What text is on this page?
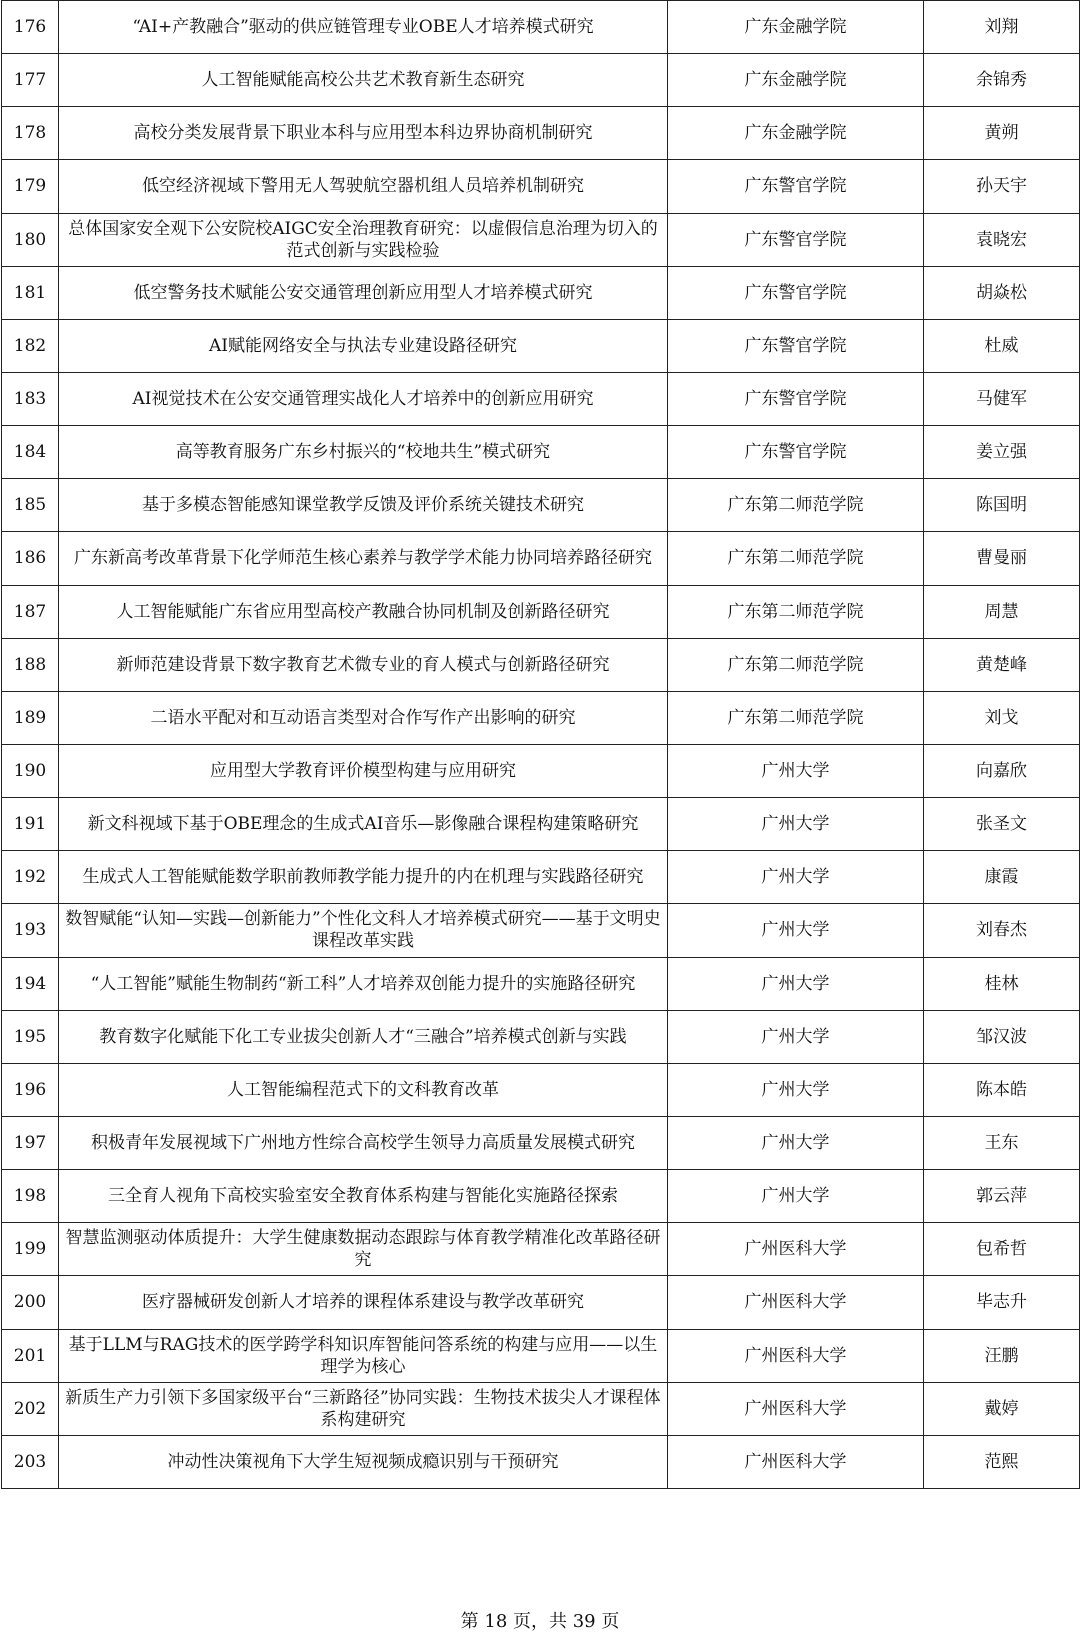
176	“AI+产教融合”驱动的供应链管理专业OBE人才培养模式研究	广东金融学院	刘翔
177	人工智能赋能高校公共艺术教育新生态研究	广东金融学院	余锦秀
178	高校分类发展背景下职业本科与应用型本科边界协商机制研究	广东金融学院	黄朔
179	低空经济视域下警用无人驾驶航空器机组人员培养机制研究	广东警官学院	孙天宇
180	总体国家安全观下公安院校AIGC安全治理教育研究：以虚假信息治理为切入的范式创新与实践检验	广东警官学院	袁晓宏
181	低空警务技术赋能公安交通管理创新应用型人才培养模式研究	广东警官学院	胡焱松
182	AI赋能网络安全与执法专业建设路径研究	广东警官学院	杜威
183	AI视觉技术在公安交通管理实战化人才培养中的创新应用研究	广东警官学院	马健军
184	高等教育服务广东乡村振兴的“校地共生”模式研究	广东警官学院	姜立强
185	基于多模态智能感知课堂教学反馈及评价系统关键技术研究	广东第二师范学院	陈国明
186	广东新高考改革背景下化学师范生核心素养与教学学术能力协同培养路径研究	广东第二师范学院	曹曼丽
187	人工智能赋能广东省应用型高校产教融合协同机制及创新路径研究	广东第二师范学院	周慧
188	新师范建设背景下数字教育艺术微专业的育人模式与创新路径研究	广东第二师范学院	黄楚峰
189	二语水平配对和互动语言类型对合作写作产出影响的研究	广东第二师范学院	刘戈
190	应用型大学教育评价模型构建与应用研究	广州大学	向嘉欣
191	新文科视域下基于OBE理念的生成式AI音乐—影像融合课程构建策略研究	广州大学	张圣文
192	生成式人工智能赋能数学职前教师教学能力提升的内在机理与实践路径研究	广州大学	康霞
193	数智赋能“认知—实践—创新能力”个性化文科人才培养模式研究——基于文明史课程改革实践	广州大学	刘春杰
194	“人工智能”赋能生物制药“新工科”人才培养双创能力提升的实施路径研究	广州大学	桂林
195	教育数字化赋能下化工专业拔尖创新人才“三融合”培养模式创新与实践	广州大学	邹汉波
196	人工智能编程范式下的文科教育改革	广州大学	陈本皓
197	积极青年发展视域下广州地方性综合高校学生领导力高质量发展模式研究	广州大学	王东
198	三全育人视角下高校实验室安全教育体系构建与智能化实施路径探索	广州大学	郭云萍
199	智慧监测驱动体质提升：大学生健康数据动态跟踪与体育教学精准化改革路径研究	广州医科大学	包希哲
200	医疗器械研发创新人才培养的课程体系建设与教学改革研究	广州医科大学	毕志升
201	基于LLM与RAG技术的医学跨学科知识库智能问答系统的构建与应用——以生理学为核心	广州医科大学	汪鹏
202	新质生产力引领下多国家级平台“三新路径”协同实践：生物技术拔尖人才课程体系构建研究	广州医科大学	戴婷
203	冲动性决策视角下大学生短视频成瘾识别与干预研究	广州医科大学	范熙
第 18 页，共 39 页
